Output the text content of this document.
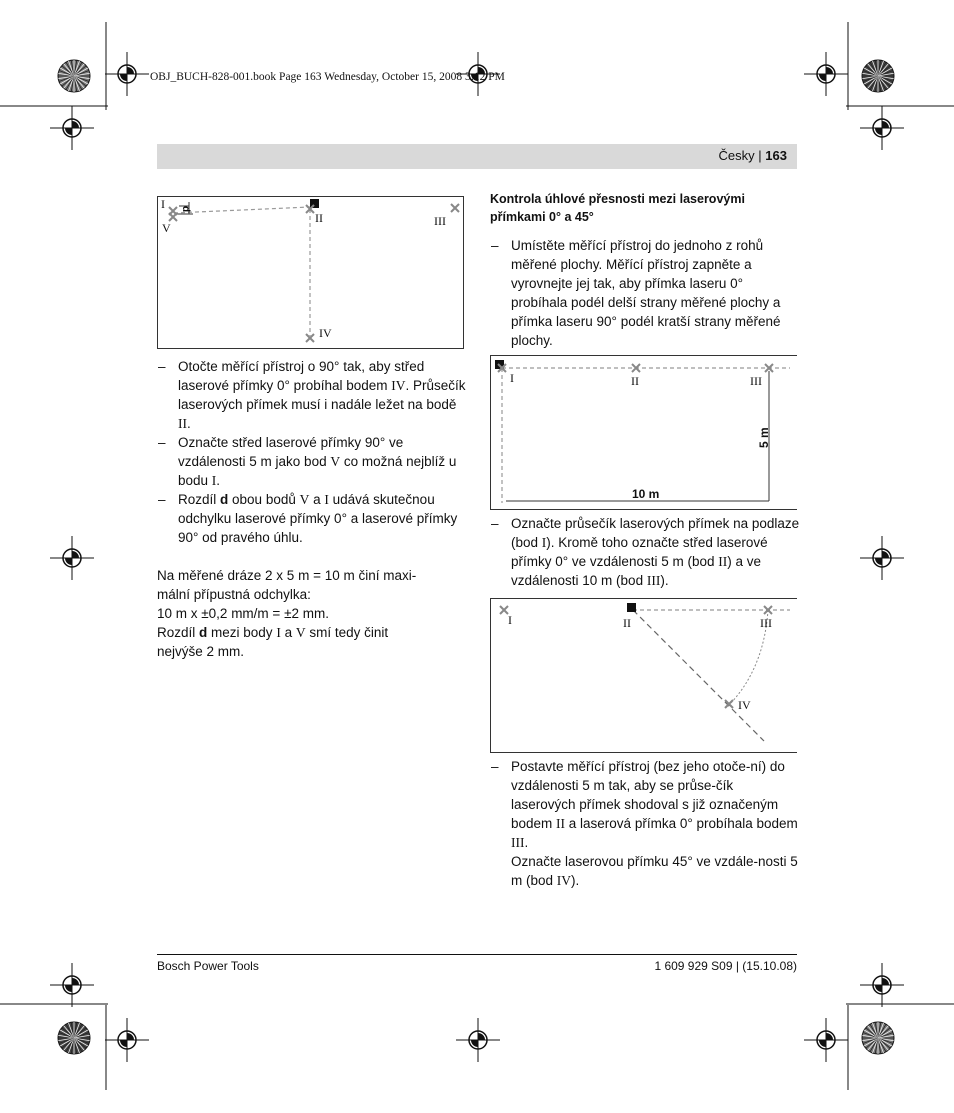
OBJ_BUCH-828-001.book Page 163 Wednesday, October 15, 2008 3:12 PM
Česky | 163
I
V
d
II	III
IV
– Otočte měřící přístroj o 90° tak, aby střed laserové přímky 0° probíhal bodem IV. Průsečík laserových přímek musí i nadále ležet na bodě II.
– Označte střed laserové přímky 90° ve vzdálenosti 5 m jako bod V co možná nejblíž u bodu I.
– Rozdíl d obou bodů V a I udává skutečnou odchylku laserové přímky 0° a laserové přímky 90° od pravého úhlu.
Na měřené dráze 2 x 5 m = 10 m činí maxi-
mální přípustná odchylka:
10 m x ±0,2 mm/m = ±2 mm.
Rozdíl d mezi body I a V smí tedy činit
nejvýše 2 mm.
Kontrola úhlové přesnosti mezi laserovými
přímkami 0° a 45°
– Umístěte měřící přístroj do jednoho z rohů měřené plochy. Měřící přístroj zapněte a vyrovnejte jej tak, aby přímka laseru 0° probíhala podél delší strany měřené plochy a přímka laseru 90° podél kratší strany měřené plochy.
I	II	III
5 m
10 m
– Označte průsečík laserových přímek na podlaze (bod I). Kromě toho označte střed laserové přímky 0° ve vzdálenosti 5 m (bod II) a ve vzdálenosti 10 m (bod III).
I	II	III
IV
– Postavte měřící přístroj (bez jeho otoče-ní) do vzdálenosti 5 m tak, aby se průse-čík laserových přímek shodoval s již označeným bodem II a laserová přímka 0° probíhala bodem III.
Označte laserovou přímku 45° ve vzdále-nosti 5 m (bod IV).
Bosch Power Tools	1 609 929 S09 | (15.10.08)
